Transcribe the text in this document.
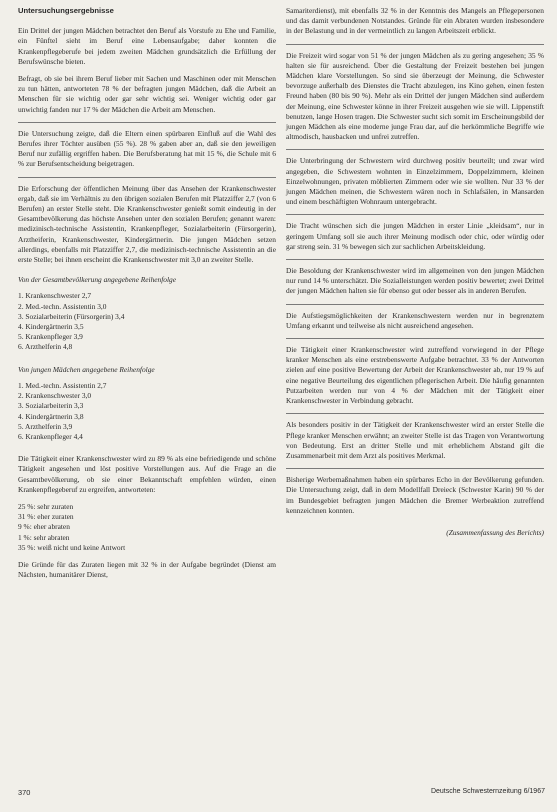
Untersuchungsergebnisse

Ein Drittel der jungen Mädchen betrachtet den Beruf als Vorstufe zu Ehe und Familie, ein Fünftel sieht im Beruf eine Lebensaufgabe; daher konnten die Krankenpflegeberufe bei jedem zweiten Mädchen grundsätzlich die Erfüllung der Berufswünsche bieten.

Befragt, ob sie bei ihrem Beruf lieber mit Sachen und Maschinen oder mit Menschen zu tun hätten, antworteten 78 % der befragten jungen Mädchen, daß die Arbeit an Menschen für sie wichtig oder gar sehr wichtig sei. Weniger wichtig oder gar unwichtig fanden nur 17 % der Mädchen die Arbeit am Menschen.

Die Untersuchung zeigte, daß die Eltern einen spürbaren Einfluß auf die Wahl des Berufes ihrer Töchter ausüben (55 %). 28 % gaben aber an, daß sie den jeweiligen Beruf nur zufällig ergriffen haben. Die Berufsberatung hat mit 15 %, die Schule mit 6 % zur Berufsentscheidung beigetragen.

Die Erforschung der öffentlichen Meinung über das Ansehen der Krankenschwester ergab, daß sie im Verhältnis zu den übrigen sozialen Berufen mit Platzziffer 2,7 (von 6 Berufen) an erster Stelle steht. Die Krankenschwester genießt somit eindeutig in der Gesamtbevölkerung das höchste Ansehen unter den sozialen Berufen; genannt waren: medizinisch-technische Assistentin, Krankenpfleger, Sozialarbeiterin (Fürsorgerin), Arztheiferin, Krankenschwester, Kindergärtnerin. Die jungen Mädchen setzen allerdings, ebenfalls mit Platzziffer 2,7, die medizinisch-technische Assistentin an die erste Stelle; bei ihnen erscheint die Krankenschwester mit 3,0 an zweiter Stelle.

Von der Gesamtbevölkerung angegebene Reihenfolge

1. Krankenschwester 2,7
2. Med.-techn. Assistentin 3,0
3. Sozialarbeiterin (Fürsorgerin) 3,4
4. Kindergärtnerin 3,5
5. Krankenpfleger 3,9
6. Arzthelferin 4,8

Von jungen Mädchen angegebene Reihenfolge

1. Med.-techn. Assistentin 2,7
2. Krankenschwester 3,0
3. Sozialarbeiterin 3,3
4. Kindergärtnerin 3,8
5. Arzthelferin 3,9
6. Krankenpfleger 4,4

Die Tätigkeit einer Krankenschwester wird zu 89 % als eine befriedigende und schöne Tätigkeit angesehen und löst positive Vorstellungen aus. Auf die Frage an die Gesamtbevölkerung, ob sie einer Bekanntschaft empfehlen würden, einen Krankenpflegeberuf zu ergreifen, antworteten:

25 %: sehr zuraten
31 %: eher zuraten
9 %: eher abraten
1 %: sehr abraten
35 %: weiß nicht und keine Antwort

Die Gründe für das Zuraten liegen mit 32 % in der Aufgabe begründet (Dienst am Nächsten, humanitärer Dienst,

Samariterdienst), mit ebenfalls 32 % in der Kenntnis des Mangels an Pflegepersonen und das damit verbundenen Notstandes. Gründe für ein Abraten wurden insbesondere in der Belastung und in der vermeintlich zu langen Arbeitszeit erblickt.

Die Freizeit wird sogar von 51 % der jungen Mädchen als zu gering angesehen; 35 % halten sie für ausreichend. Über die Gestaltung der Freizeit bestehen bei jungen Mädchen klare Vorstellungen. So sind sie überzeugt der Meinung, die Schwester bevorzuge außerhalb des Dienstes die Tracht abzulegen, ins Kino gehen, einen festen Freund haben (80 bis 90 %). Mehr als ein Drittel der jungen Mädchen sind außerdem der Meinung, eine Schwester könne in ihrer Freizeit ausgehen wie sie will. Lippenstift benutzen, lange Hosen tragen. Die Schwester sucht sich somit im Erscheinungsbild der jungen Mädchen als eine moderne junge Frau dar, auf die herkömmliche Begriffe wie altmodisch, hausbacken und unfrei zutreffen.

Die Unterbringung der Schwestern wird durchweg positiv beurteilt; und zwar wird angegeben, die Schwestern wohnten in Einzelzimmern, Doppelzimmern, kleinen Einzelwohnungen, privaten möblierten Zimmern oder wie sie wollten. Nur 33 % der jungen Mädchen meinen, die Schwestern wären noch in Schlafsälen, in Mansarden und einem beschäftigten Wohnraum untergebracht.

Die Tracht wünschen sich die jungen Mädchen in erster Linie „kleidsam“, nur in geringem Umfang soll sie auch ihrer Meinung modisch oder chic, oder würdig oder gar streng sein. 31 % bewegen sich zur sachlichen Arbeitskleidung.

Die Besoldung der Krankenschwester wird im allgemeinen von den jungen Mädchen nur rund 14 % unterschätzt. Die Sozialleistungen werden positiv bewertet; zwei Drittel der jungen Mädchen halten sie für ebenso gut oder besser als in anderen Berufen.

Die Aufstiegsmöglichkeiten der Krankenschwestern werden nur in begrenztem Umfang erkannt und teilweise als nicht ausreichend angesehen.

Die Tätigkeit einer Krankenschwester wird zutreffend vorwiegend in der Pflege kranker Menschen als eine erstrebenswerte Aufgabe betrachtet. 33 % der Antworten zielen auf eine positive Bewertung der Arbeit der Krankenschwester ab, nur 19 % auf eine negative Beurteilung des eigentlichen pflegerischen Arbeit. Die häufig genannten Putzarbeiten werden nur von 4 % der Mädchen mit der Tätigkeit einer Krankenschwester in Verbindung gebracht.

Als besonders positiv in der Tätigkeit der Krankenschwester wird an erster Stelle die Pflege kranker Menschen erwähnt; an zweiter Stelle ist das Tragen von Verantwortung von Bedeutung. Erst an dritter Stelle und mit erheblichem Abstand gilt die Zusammenarbeit mit dem Arzt als positives Merkmal.

Bisherige Werbemaßnahmen haben ein spürbares Echo in der Bevölkerung gefunden. Die Untersuchung zeigt, daß in dem Modellfall Dreieck (Schwester Karin) 90 % der im Bundesgebiet befragten jungen Mädchen die Bremer Werbeaktion zutreffend kennzeichnen konnten.

(Zusammenfassung des Berichts)

370	Deutsche Schwesternzeitung 6/1967
